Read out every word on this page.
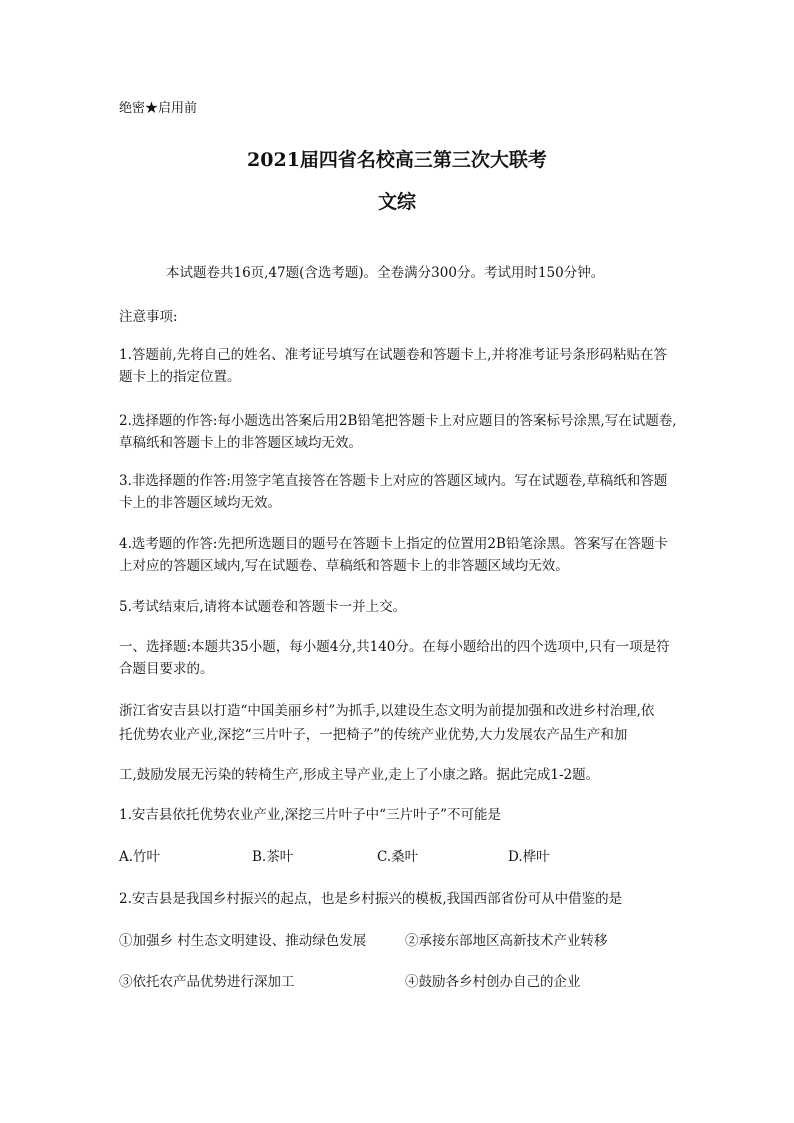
绝密★启用前
2021届四省名校高三第三次大联考
文综
本试题卷共16页,47题(含选考题)。全卷满分300分。考试用时150分钟。
注意事项:
1.答题前,先将自己的姓名、准考证号填写在试题卷和答题卡上,并将准考证号条形码粘贴在答题卡上的指定位置。
2.选择题的作答:每小题选出答案后用2B铅笔把答题卡上对应题目的答案标号涂黑,写在试题卷,草稿纸和答题卡上的非答题区域均无效。
3.非选择题的作答:用签字笔直接答在答题卡上对应的答题区域内。写在试题卷,草稿纸和答题卡上的非答题区域均无效。
4.选考题的作答:先把所选题目的题号在答题卡上指定的位置用2B铅笔涂黑。答案写在答题卡上对应的答题区域内,写在试题卷、草稿纸和答题卡上的非答题区域均无效。
5.考试结束后,请将本试题卷和答题卡一并上交。
一、选择题:本题共35小题，每小题4分,共140分。在每小题给出的四个选项中,只有一项是符合题目要求的。
浙江省安吉县以打造“中国美丽乡村”为抓手,以建设生态文明为前提加强和改进乡村治理,依
托优势农业产业,深挖“三片叶子，一把椅子”的传统产业优势,大力发展农产品生产和加
工,鼓励发展无污染的转椅生产,形成主导产业,走上了小康之路。据此完成1-2题。
1.安吉县依托优势农业产业,深挖三片叶子中“三片叶子”不可能是
A.竹叶	B.茶叶	C.桑叶	D.桦叶
2.安吉县是我国乡村振兴的起点，也是乡村振兴的模板,我国西部省份可从中借鉴的是
①加强乡 村生态文明建设、推动绿色发展	②承接东部地区高新技术产业转移
③依托农产品优势进行深加工	④鼓励各乡村创办自己的企业
